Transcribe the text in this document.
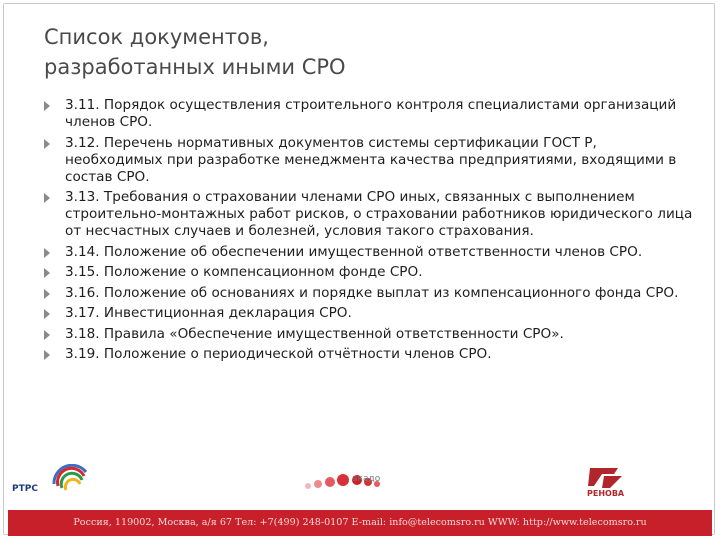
Список документов,
разработанных иными СРО
3.11. Порядок осуществления строительного контроля специалистами организаций членов СРО.
3.12. Перечень нормативных документов системы сертификации ГОСТ Р, необходимых при разработке менеджмента качества предприятиями, входящими в состав СРО.
3.13. Требования о страховании членами СРО иных, связанных с выполнением строительно-монтажных работ рисков, о страховании работников юридического лица от несчастных случаев и болезней, условия такого страхования.
3.14. Положение об обеспечении имущественной ответственности членов СРО.
3.15. Положение о компенсационном фонде СРО.
3.16. Положение об основаниях и порядке выплат из компенсационного фонда СРО.
3.17. Инвестиционная декларация СРО.
3.18. Правила «Обеспечение имущественной ответственности СРО».
3.19. Положение о периодической отчётности членов СРО.
РТРС
акадо
РЕНОВА
Россия, 119002, Москва, а/я 67 Тел: +7(499) 248-0107 E-mail: info@telecomsro.ru WWW: http://www.telecomsro.ru
